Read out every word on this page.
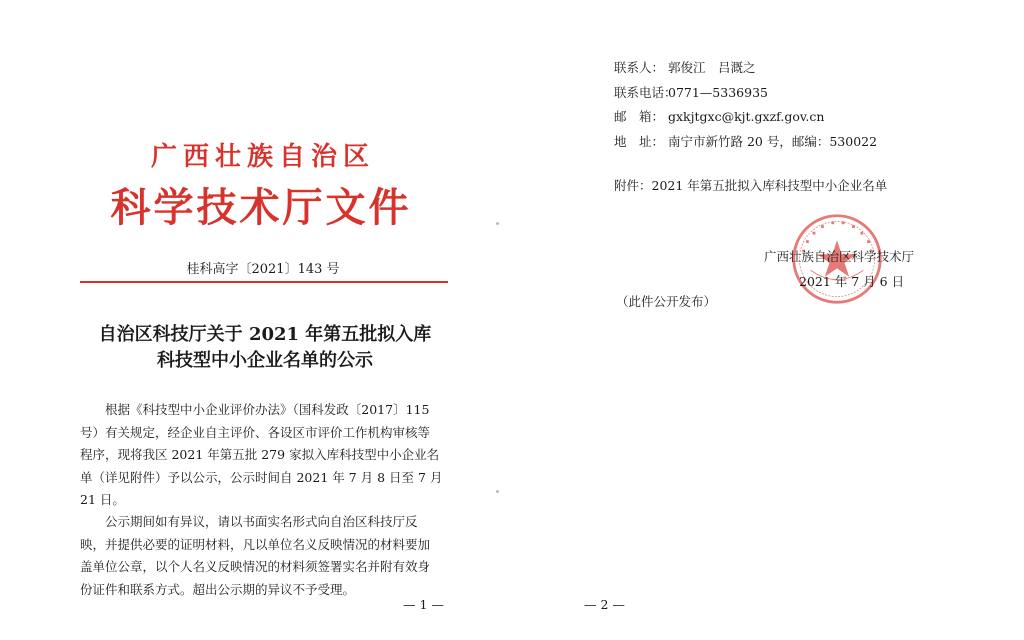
广西壮族自治区
科学技术厅文件
桂科高字〔2021〕143 号
自治区科技厅关于 2021 年第五批拟入库
科技型中小企业名单的公示
　　根据《科技型中小企业评价办法》（国科发政〔2017〕115
号）有关规定，经企业自主评价、各设区市评价工作机构审核等
程序，现将我区 2021 年第五批 279 家拟入库科技型中小企业名
单（详见附件）予以公示，公示时间自 2021 年 7 月 8 日至 7 月
21 日。
　　公示期间如有异议，请以书面实名形式向自治区科技厅反
映，并提供必要的证明材料，凡以单位名义反映情况的材料要加
盖单位公章，以个人名义反映情况的材料须签署实名并附有效身
份证件和联系方式。超出公示期的异议不予受理。
— 1 —
联系人： 郭俊江　吕溉之
联系电话：0771—5336935
邮　箱： gxkjtgxc@kjt.gxzf.gov.cn
地　址： 南宁市新竹路 20 号，邮编：530022
附件：2021 年第五批拟入库科技型中小企业名单
广西壮族自治区科学技术厅
2021 年 7 月 6 日
（此件公开发布）
— 2 —
